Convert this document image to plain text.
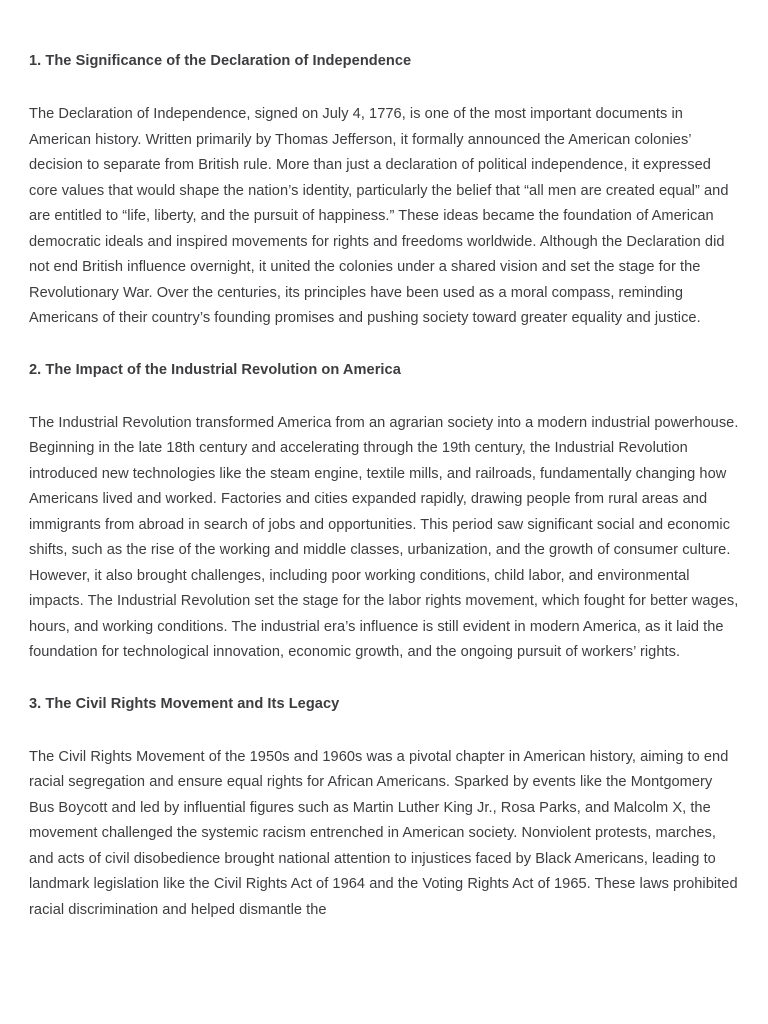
1. The Significance of the Declaration of Independence

The Declaration of Independence, signed on July 4, 1776, is one of the most important documents in American history. Written primarily by Thomas Jefferson, it formally announced the American colonies’ decision to separate from British rule. More than just a declaration of political independence, it expressed core values that would shape the nation’s identity, particularly the belief that “all men are created equal” and are entitled to “life, liberty, and the pursuit of happiness.” These ideas became the foundation of American democratic ideals and inspired movements for rights and freedoms worldwide. Although the Declaration did not end British influence overnight, it united the colonies under a shared vision and set the stage for the Revolutionary War. Over the centuries, its principles have been used as a moral compass, reminding Americans of their country’s founding promises and pushing society toward greater equality and justice.

2. The Impact of the Industrial Revolution on America

The Industrial Revolution transformed America from an agrarian society into a modern industrial powerhouse. Beginning in the late 18th century and accelerating through the 19th century, the Industrial Revolution introduced new technologies like the steam engine, textile mills, and railroads, fundamentally changing how Americans lived and worked. Factories and cities expanded rapidly, drawing people from rural areas and immigrants from abroad in search of jobs and opportunities. This period saw significant social and economic shifts, such as the rise of the working and middle classes, urbanization, and the growth of consumer culture. However, it also brought challenges, including poor working conditions, child labor, and environmental impacts. The Industrial Revolution set the stage for the labor rights movement, which fought for better wages, hours, and working conditions. The industrial era’s influence is still evident in modern America, as it laid the foundation for technological innovation, economic growth, and the ongoing pursuit of workers’ rights.

3. The Civil Rights Movement and Its Legacy

The Civil Rights Movement of the 1950s and 1960s was a pivotal chapter in American history, aiming to end racial segregation and ensure equal rights for African Americans. Sparked by events like the Montgomery Bus Boycott and led by influential figures such as Martin Luther King Jr., Rosa Parks, and Malcolm X, the movement challenged the systemic racism entrenched in American society. Nonviolent protests, marches, and acts of civil disobedience brought national attention to injustices faced by Black Americans, leading to landmark legislation like the Civil Rights Act of 1964 and the Voting Rights Act of 1965. These laws prohibited racial discrimination and helped dismantle the
